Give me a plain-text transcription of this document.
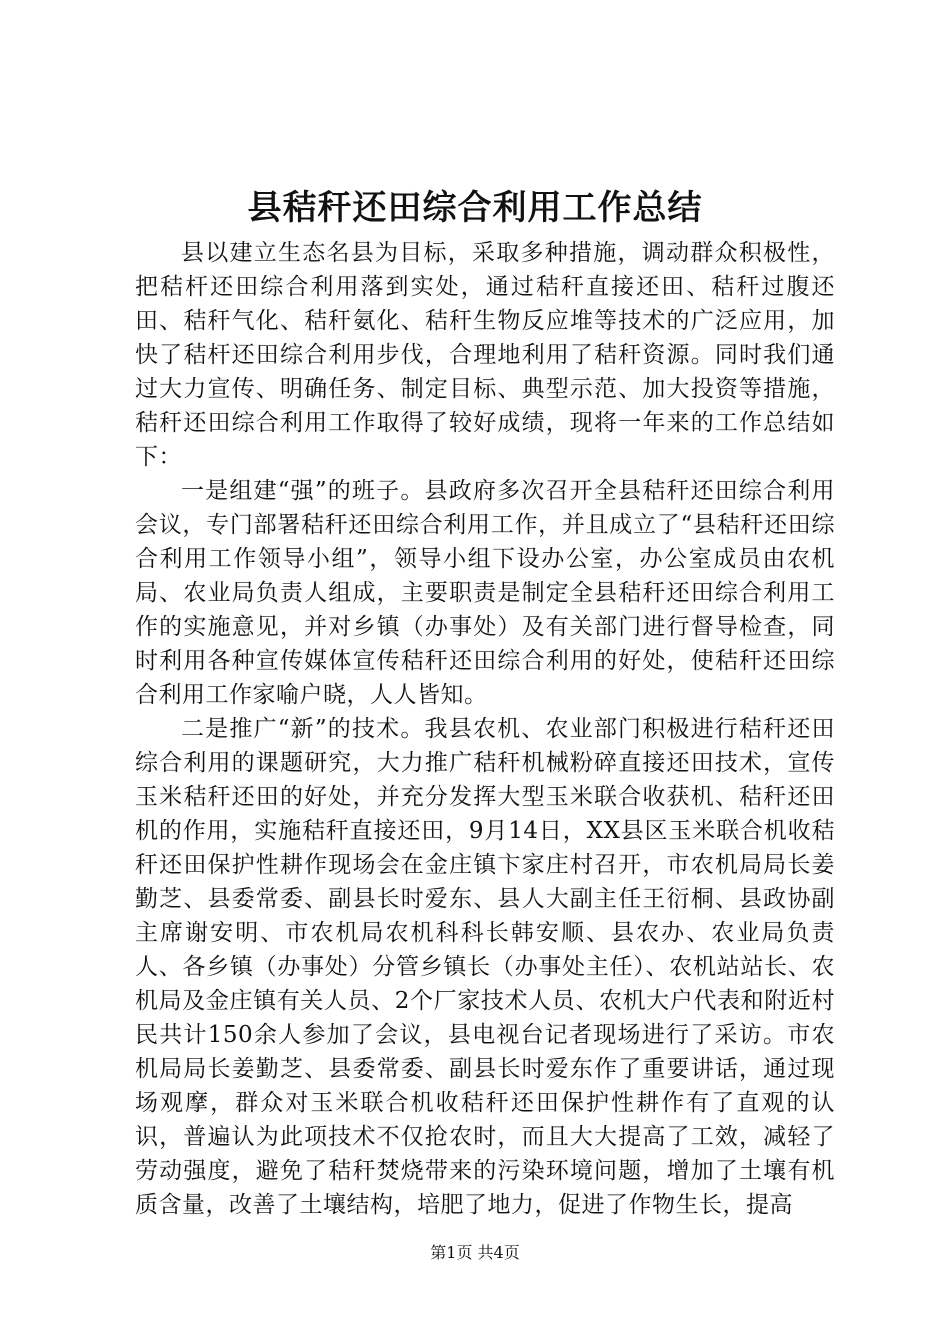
县秸秆还田综合利用工作总结

县以建立生态名县为目标，采取多种措施，调动群众积极性，把秸杆还田综合利用落到实处，通过秸秆直接还田、秸秆过腹还田、秸秆气化、秸秆氨化、秸秆生物反应堆等技术的广泛应用，加快了秸杆还田综合利用步伐，合理地利用了秸秆资源。同时我们通过大力宣传、明确任务、制定目标、典型示范、加大投资等措施，秸秆还田综合利用工作取得了较好成绩，现将一年来的工作总结如下：

一是组建“强”的班子。县政府多次召开全县秸秆还田综合利用会议，专门部署秸秆还田综合利用工作，并且成立了“县秸秆还田综合利用工作领导小组”，领导小组下设办公室，办公室成员由农机局、农业局负责人组成，主要职责是制定全县秸秆还田综合利用工作的实施意见，并对乡镇（办事处）及有关部门进行督导检查，同时利用各种宣传媒体宣传秸秆还田综合利用的好处，使秸秆还田综合利用工作家喻户晓，人人皆知。

二是推广“新”的技术。我县农机、农业部门积极进行秸秆还田综合利用的课题研究，大力推广秸秆机械粉碎直接还田技术，宣传玉米秸秆还田的好处，并充分发挥大型玉米联合收获机、秸秆还田机的作用，实施秸秆直接还田，9月14日，XX县区玉米联合机收秸秆还田保护性耕作现场会在金庄镇卞家庄村召开，市农机局局长姜勤芝、县委常委、副县长时爱东、县人大副主任王衍桐、县政协副主席谢安明、市农机局农机科科长韩安顺、县农办、农业局负责人、各乡镇（办事处）分管乡镇长（办事处主任）、农机站站长、农机局及金庄镇有关人员、2个厂家技术人员、农机大户代表和附近村民共计150余人参加了会议，县电视台记者现场进行了采访。市农机局局长姜勤芝、县委常委、副县长时爱东作了重要讲话，通过现场观摩，群众对玉米联合机收秸秆还田保护性耕作有了直观的认识，普遍认为此项技术不仅抢农时，而且大大提高了工效，减轻了劳动强度，避免了秸秆焚烧带来的污染环境问题，增加了土壤有机质含量，改善了土壤结构，培肥了地力，促进了作物生长，提高

第1页 共4页
